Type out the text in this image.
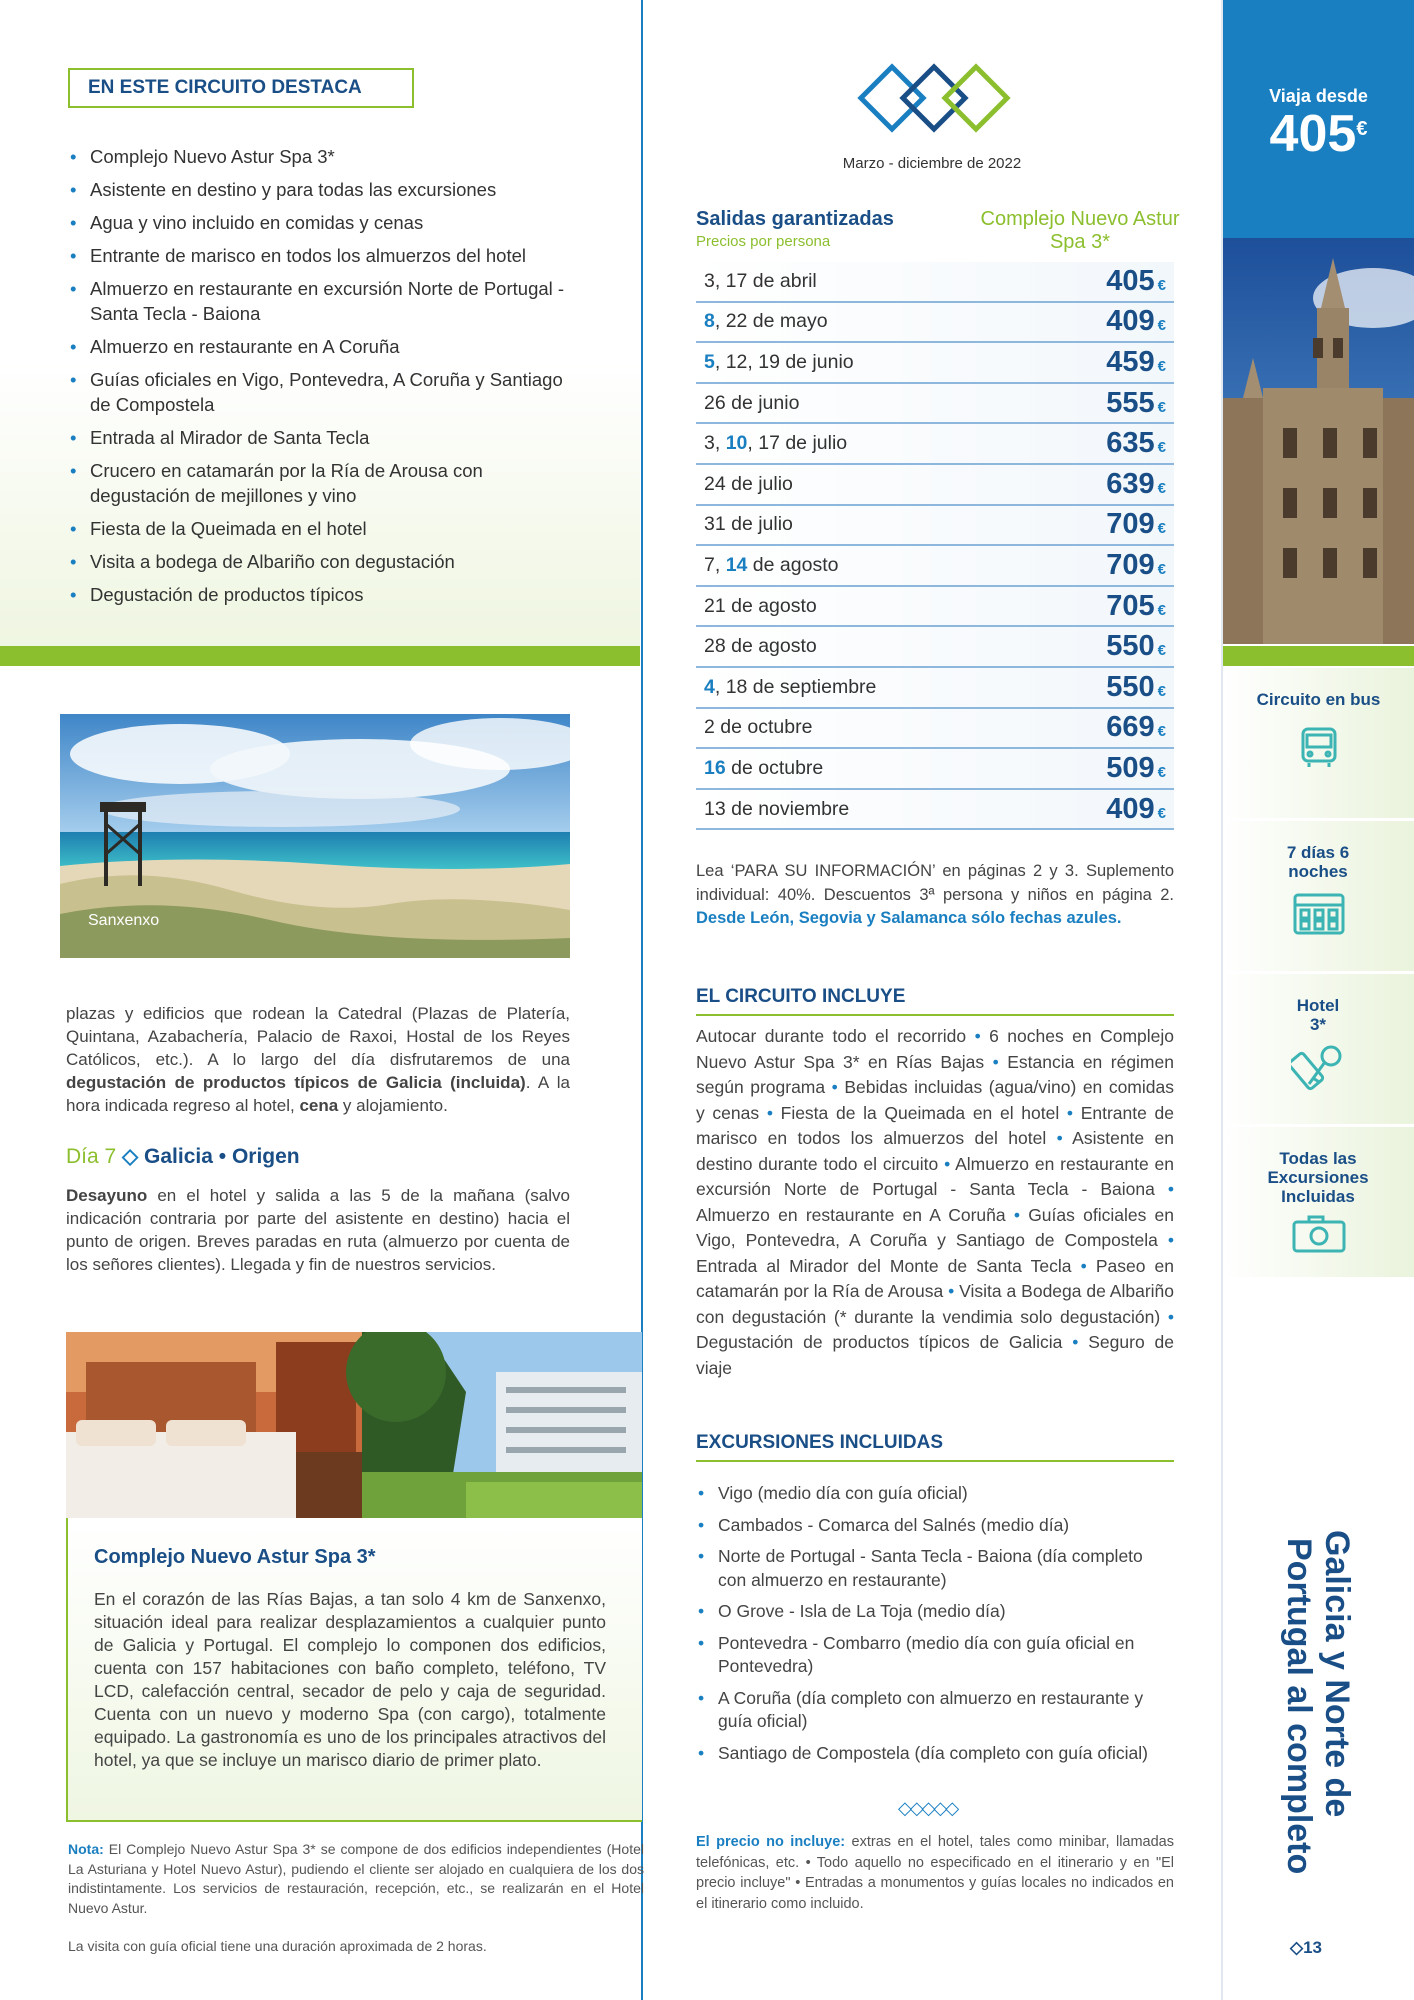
EN ESTE CIRCUITO DESTACA
• Complejo Nuevo Astur Spa 3*
• Asistente en destino y para todas las excursiones
• Agua y vino incluido en comidas y cenas
• Entrante de marisco en todos los almuerzos del hotel
• Almuerzo en restaurante en excursión Norte de Portugal - Santa Tecla - Baiona
• Almuerzo en restaurante en A Coruña
• Guías oficiales en Vigo, Pontevedra, A Coruña y Santiago de Compostela
• Entrada al Mirador de Santa Tecla
• Crucero en catamarán por la Ría de Arousa con degustación de mejillones y vino
• Fiesta de la Queimada en el hotel
• Visita a bodega de Albariño con degustación
• Degustación de productos típicos
Sanxenxo
plazas y edificios que rodean la Catedral (Plazas de Platería, Quintana, Azabachería, Palacio de Raxoi, Hostal de los Reyes Católicos, etc.). A lo largo del día disfrutaremos de una degustación de productos típicos de Galicia (incluida). A la hora indicada regreso al hotel, cena y alojamiento.
Día 7 ◇ Galicia • Origen
Desayuno en el hotel y salida a las 5 de la mañana (salvo indicación contraria por parte del asistente en destino) hacia el punto de origen. Breves paradas en ruta (almuerzo por cuenta de los señores clientes). Llegada y fin de nuestros servicios.
Complejo Nuevo Astur Spa 3*
En el corazón de las Rías Bajas, a tan solo 4 km de Sanxenxo, situación ideal para realizar desplazamientos a cualquier punto de Galicia y Portugal. El complejo lo componen dos edificios, cuenta con 157 habitaciones con baño completo, teléfono, TV LCD, calefacción central, secador de pelo y caja de seguridad. Cuenta con un nuevo y moderno Spa (con cargo), totalmente equipado. La gastronomía es uno de los principales atractivos del hotel, ya que se incluye un marisco diario de primer plato.
Nota: El Complejo Nuevo Astur Spa 3* se compone de dos edificios independientes (Hotel La Asturiana y Hotel Nuevo Astur), pudiendo el cliente ser alojado en cualquiera de los dos indistintamente. Los servicios de restauración, recepción, etc., se realizarán en el Hotel Nuevo Astur.
La visita con guía oficial tiene una duración aproximada de 2 horas.
Marzo - diciembre de 2022
Salidas garantizadas
Precios por persona
Complejo Nuevo Astur Spa 3*
3, 17 de abril	405 €
8, 22 de mayo	409 €
5, 12, 19 de junio	459 €
26 de junio	555 €
3, 10, 17 de julio	635 €
24 de julio	639 €
31 de julio	709 €
7, 14 de agosto	709 €
21 de agosto	705 €
28 de agosto	550 €
4, 18 de septiembre	550 €
2 de octubre	669 €
16 de octubre	509 €
13 de noviembre	409 €
Lea ‘PARA SU INFORMACIÓN’ en páginas 2 y 3. Suplemento individual: 40%. Descuentos 3ª persona y niños en página 2. Desde León, Segovia y Salamanca sólo fechas azules.
EL CIRCUITO INCLUYE
Autocar durante todo el recorrido • 6 noches en Complejo Nuevo Astur Spa 3* en Rías Bajas • Estancia en régimen según programa • Bebidas incluidas (agua/vino) en comidas y cenas • Fiesta de la Queimada en el hotel • Entrante de marisco en todos los almuerzos del hotel • Asistente en destino durante todo el circuito • Almuerzo en restaurante en excursión Norte de Portugal - Santa Tecla - Baiona • Almuerzo en restaurante en A Coruña • Guías oficiales en Vigo, Pontevedra, A Coruña y Santiago de Compostela • Entrada al Mirador del Monte de Santa Tecla • Paseo en catamarán por la Ría de Arousa • Visita a Bodega de Albariño con degustación (* durante la vendimia solo degustación) • Degustación de productos típicos de Galicia • Seguro de viaje
EXCURSIONES INCLUIDAS
• Vigo (medio día con guía oficial)
• Cambados - Comarca del Salnés (medio día)
• Norte de Portugal - Santa Tecla - Baiona (día completo con almuerzo en restaurante)
• O Grove - Isla de La Toja (medio día)
• Pontevedra - Combarro (medio día con guía oficial en Pontevedra)
• A Coruña (día completo con almuerzo en restaurante y guía oficial)
• Santiago de Compostela (día completo con guía oficial)
◇◇◇◇◇
El precio no incluye: extras en el hotel, tales como minibar, llamadas telefónicas, etc. • Todo aquello no especificado en el itinerario y en "El precio incluye" • Entradas a monumentos y guías locales no indicados en el itinerario como incluido.
Viaja desde
405€
Circuito en bus
7 días 6 noches
Hotel 3*
Todas las Excursiones Incluidas
Galicia y Norte de
Portugal al completo
◇13
